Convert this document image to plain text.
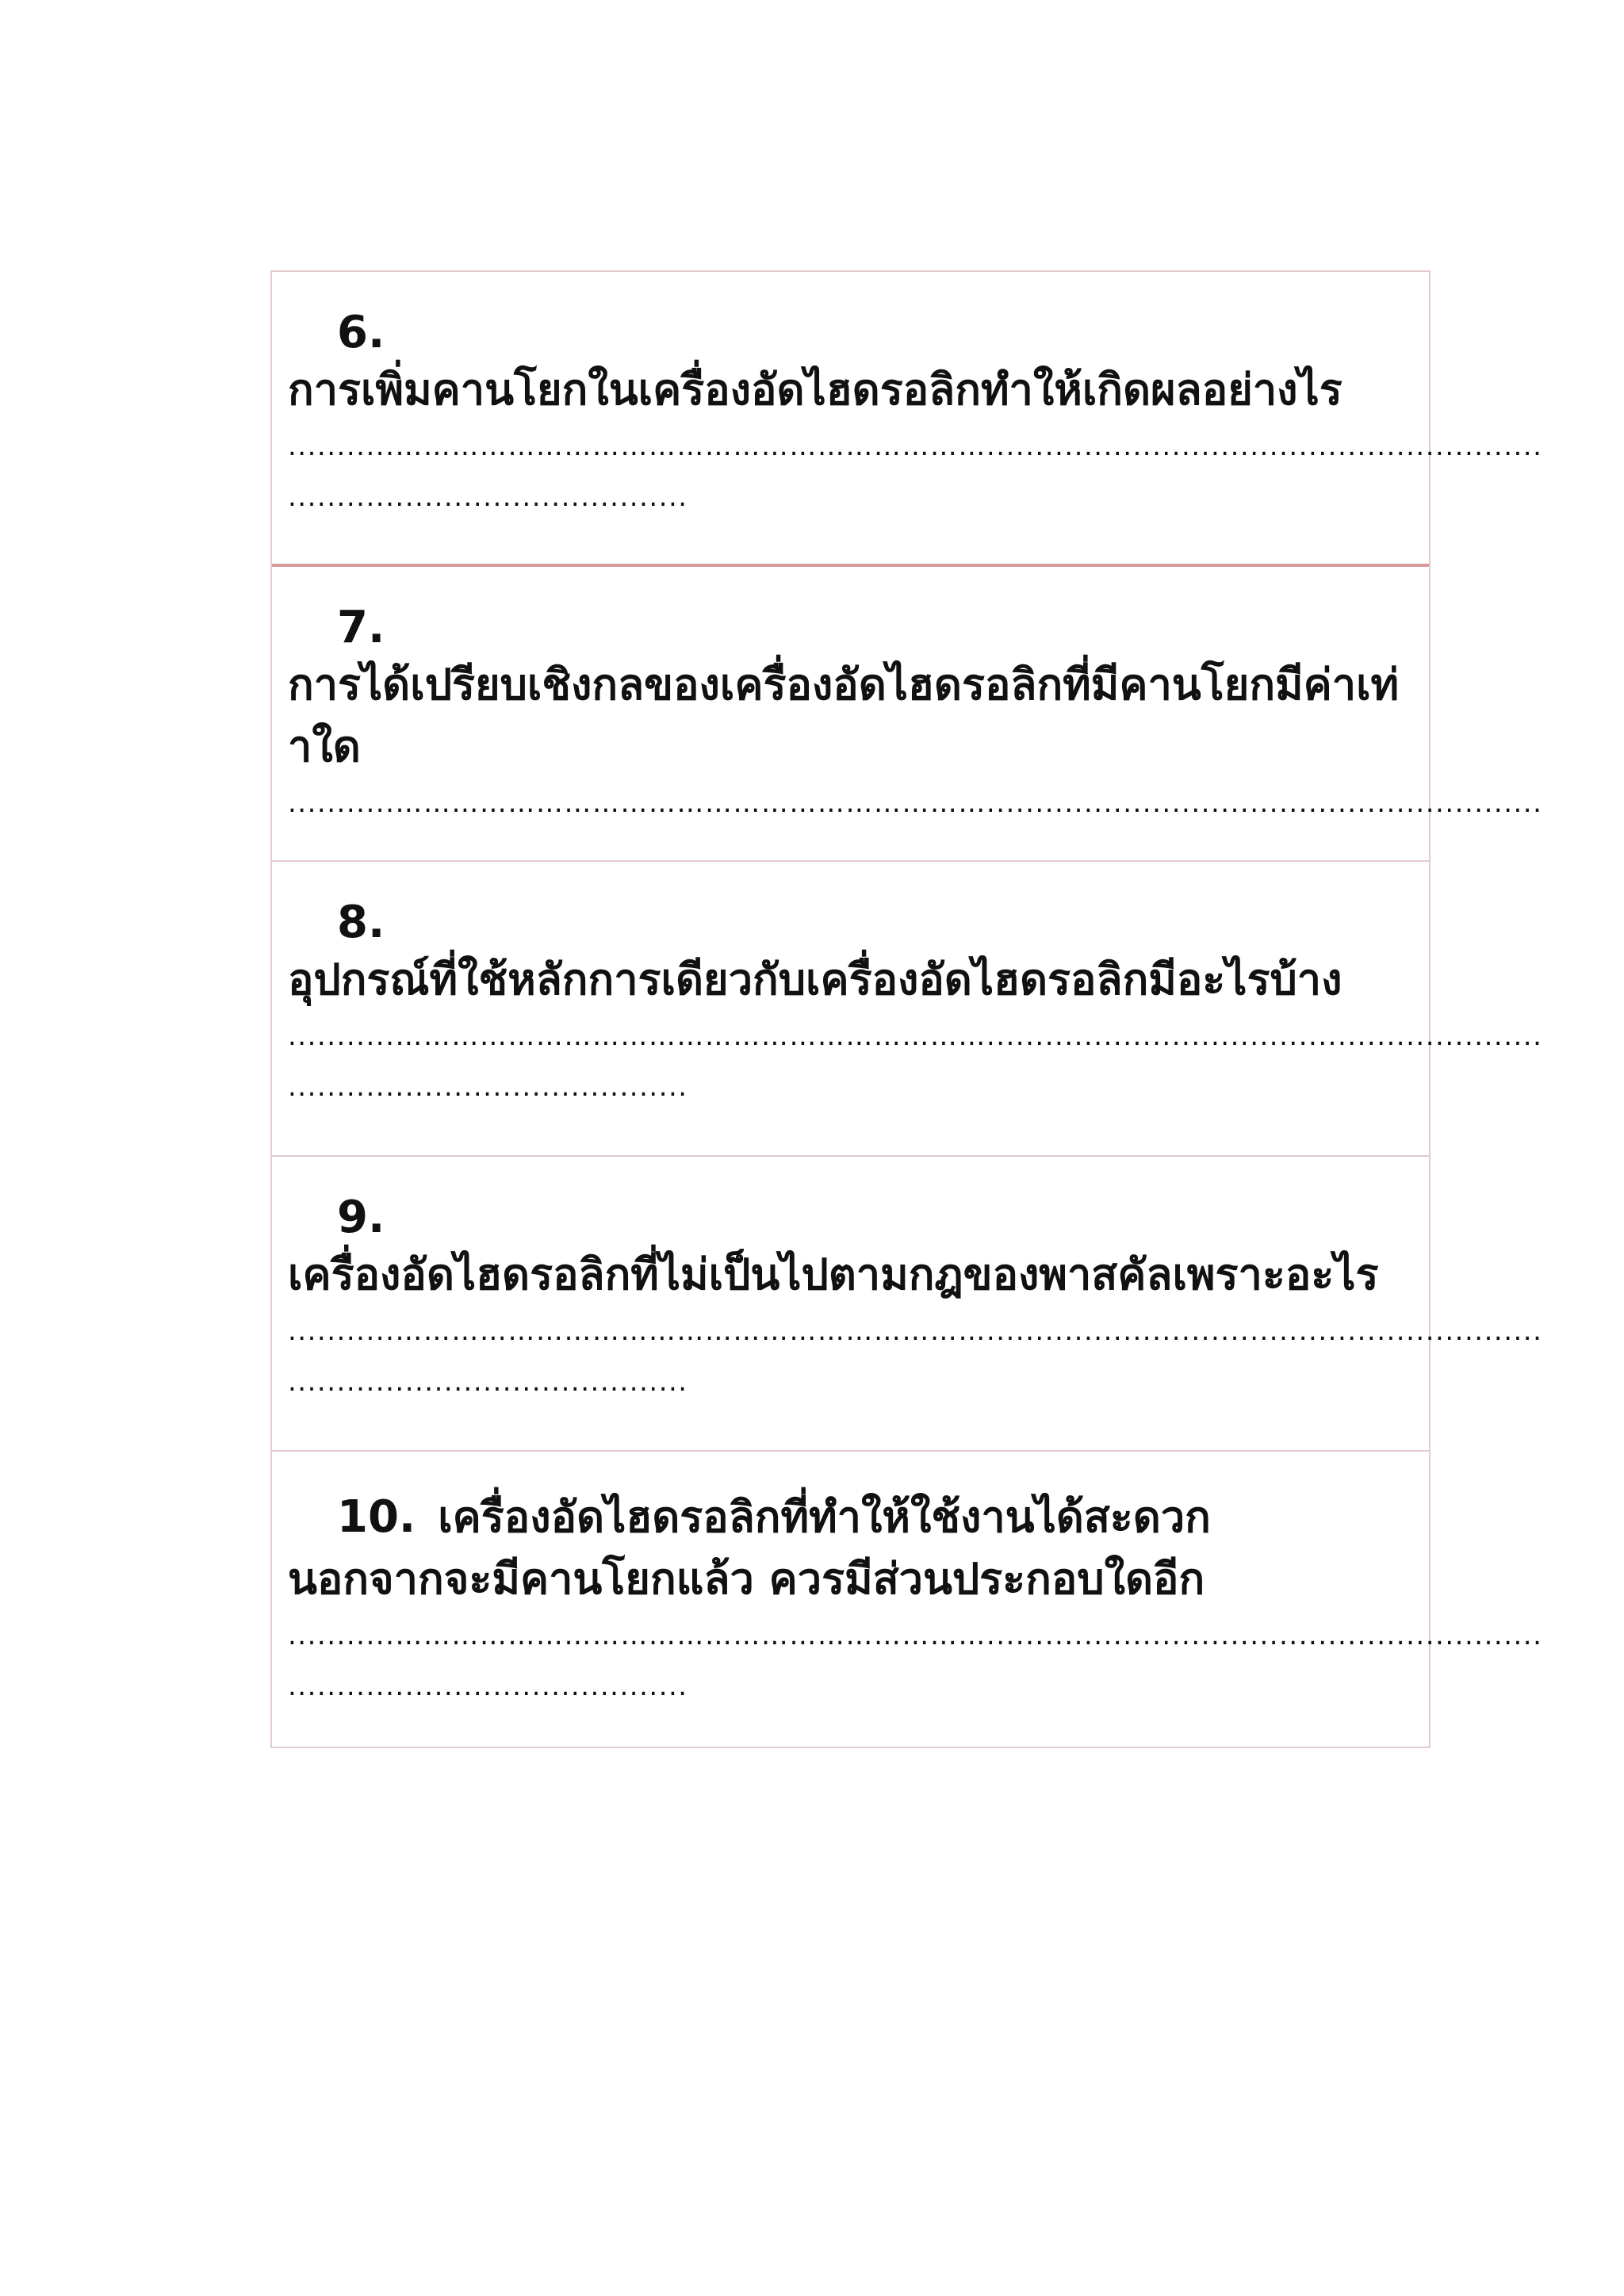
6.
การเพิ่มคานโยกในเครื่องอัดไฮดรอลิกทำให้เกิดผลอย่างไร
...........……………………………………………………….........................................................
.........................................
7.
การได้เปรียบเชิงกลของเครื่องอัดไฮดรอลิกที่มีคานโยกมีค่าเท่าใด
...........……………………………………………………….........................................................
8.
อุปกรณ์ที่ใช้หลักการเดียวกับเครื่องอัดไฮดรอลิกมีอะไรบ้าง
...........……………………………………………………….........................................................
.........................................
9.
เครื่องอัดไฮดรอลิกที่ไม่เป็นไปตามกฎของพาสคัลเพราะอะไร
...........……………………………………………………….........................................................
.........................................
10. เครื่องอัดไฮดรอลิกที่ทำให้ใช้งานได้สะดวก
นอกจากจะมีคานโยกแล้ว ควรมีส่วนประกอบใดอีก
...........……………………………………………………….........................................................
.........................................
